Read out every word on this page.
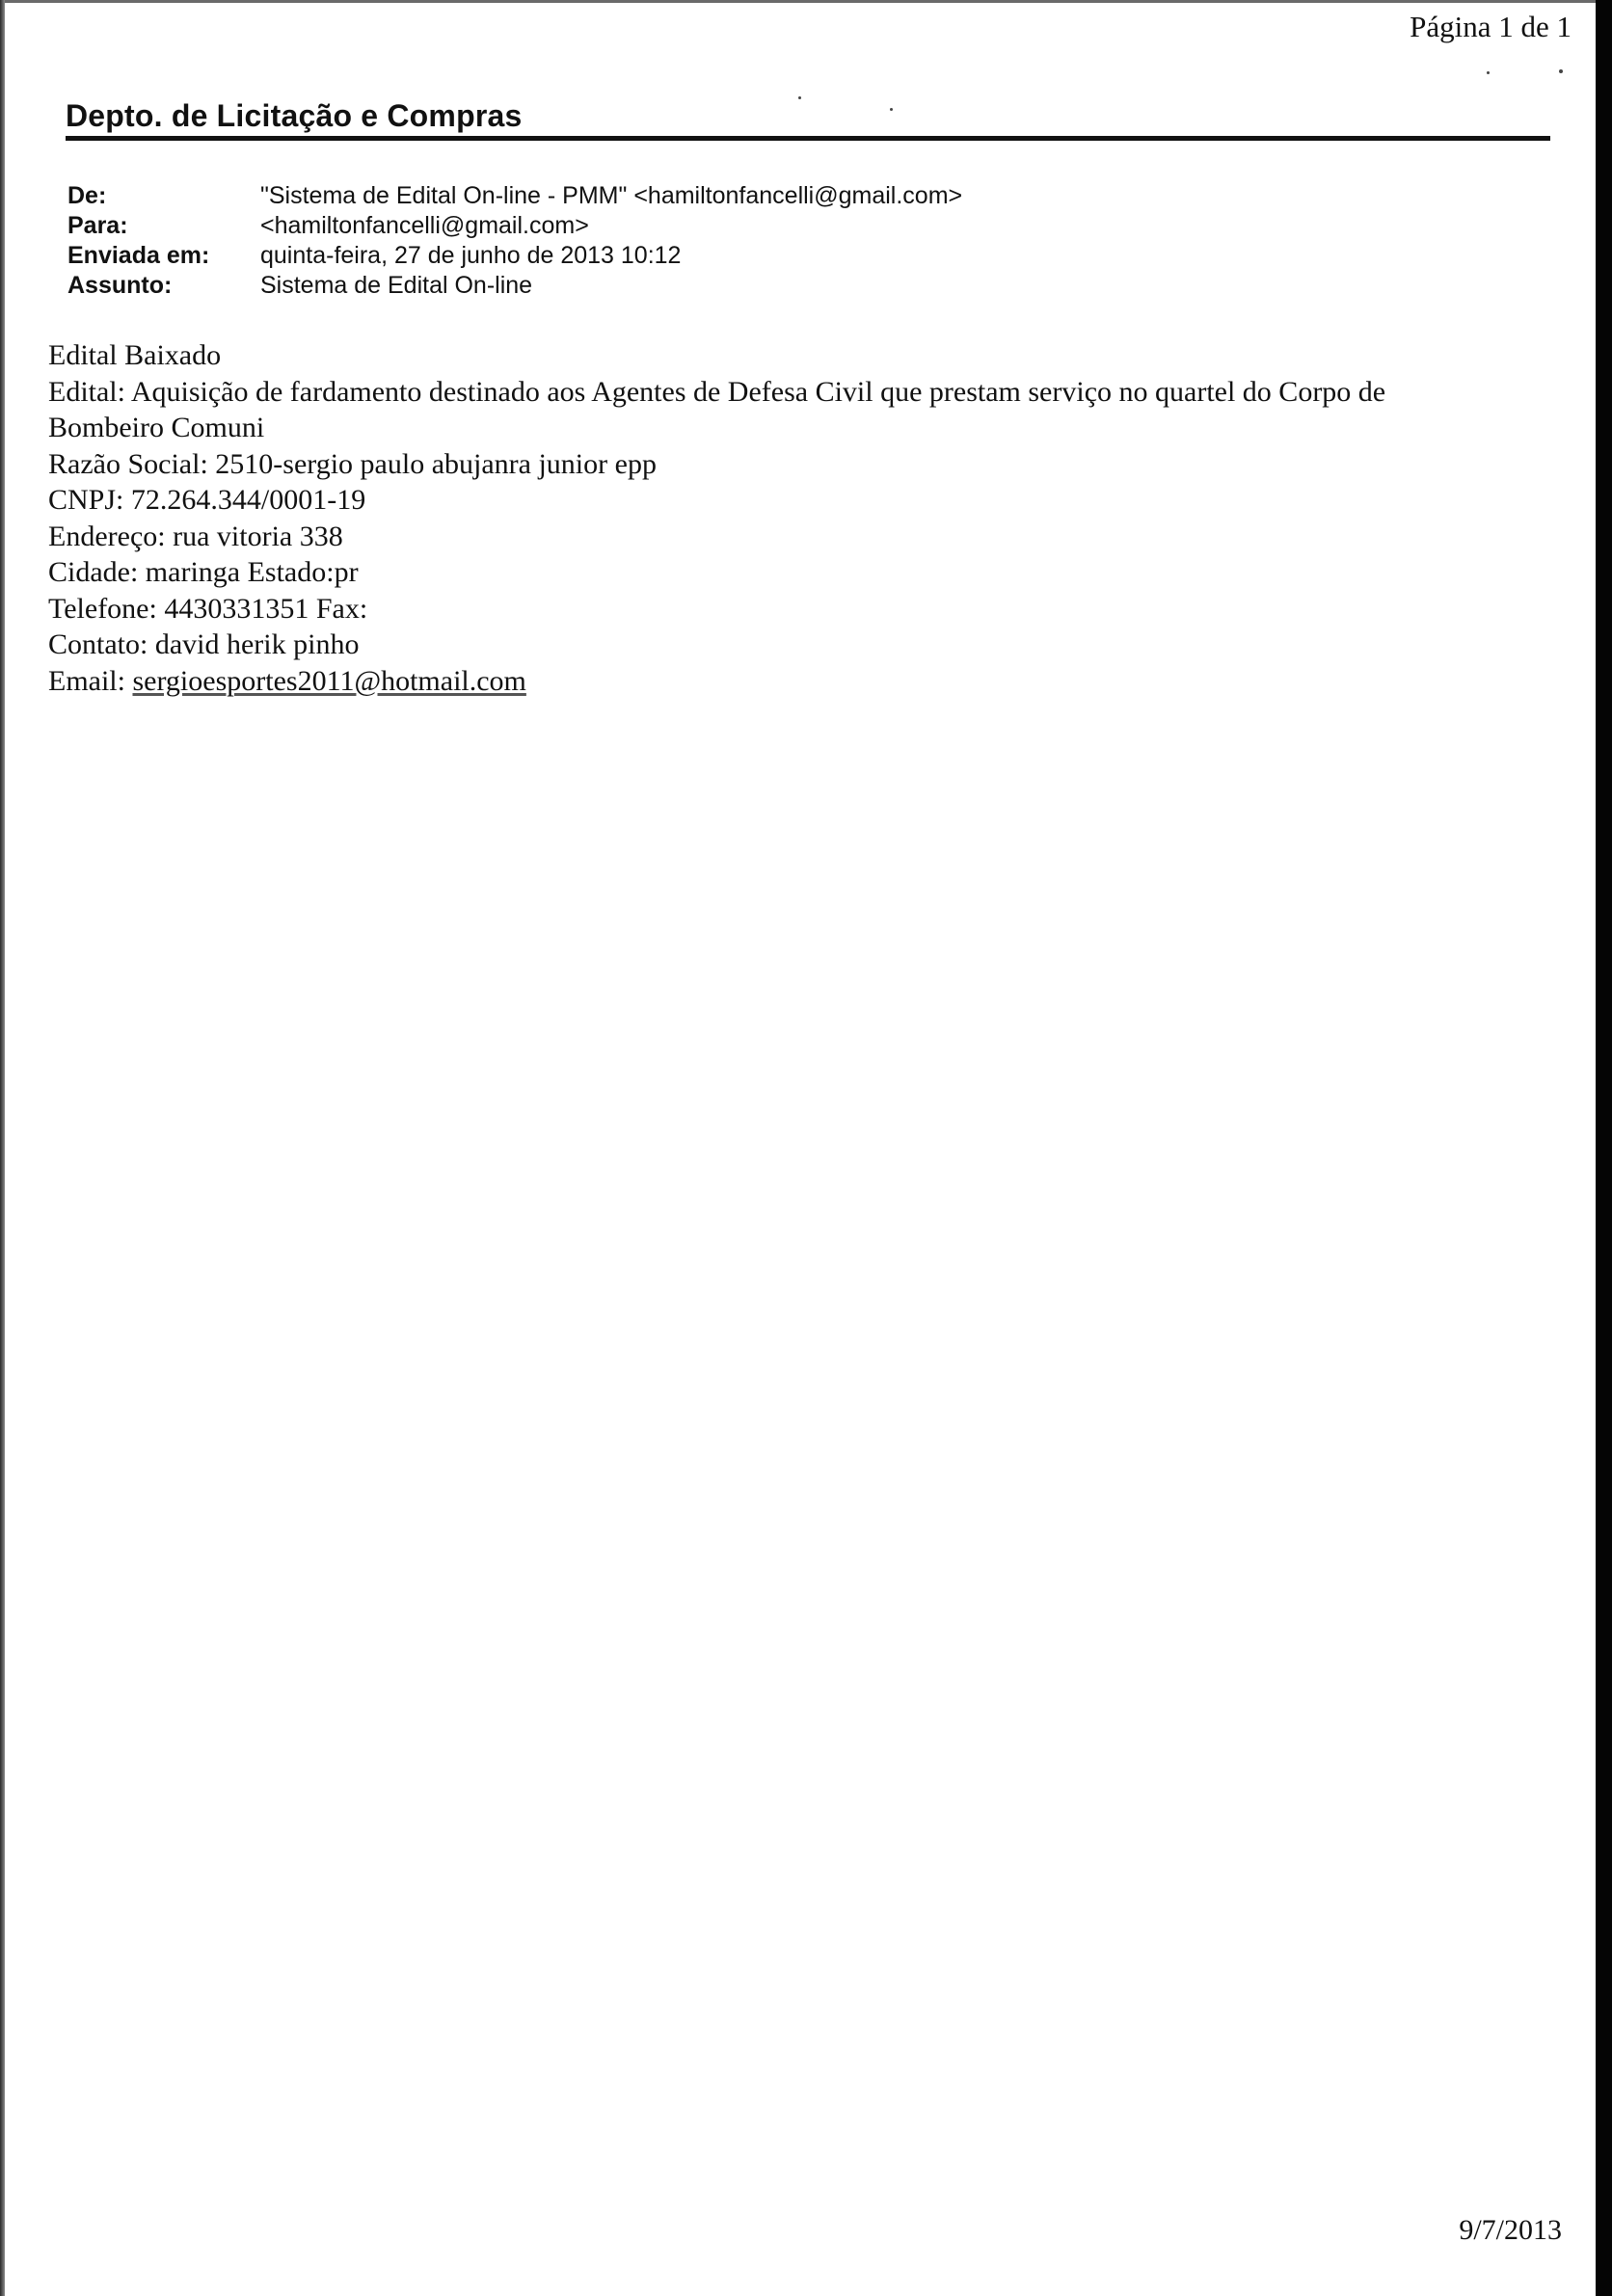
Página 1 de 1
Depto. de Licitação e Compras
De:	"Sistema de Edital On-line - PMM" <hamiltonfancelli@gmail.com>
Para:	<hamiltonfancelli@gmail.com>
Enviada em:	quinta-feira, 27 de junho de 2013 10:12
Assunto:	Sistema de Edital On-line
Edital Baixado
Edital: Aquisição de fardamento destinado aos Agentes de Defesa Civil que prestam serviço no quartel do Corpo de
Bombeiro Comuni
Razão Social: 2510-sergio paulo abujanra junior epp
CNPJ: 72.264.344/0001-19
Endereço: rua vitoria 338
Cidade: maringa Estado:pr
Telefone: 4430331351 Fax:
Contato: david herik pinho
Email: sergioesportes2011@hotmail.com
9/7/2013
